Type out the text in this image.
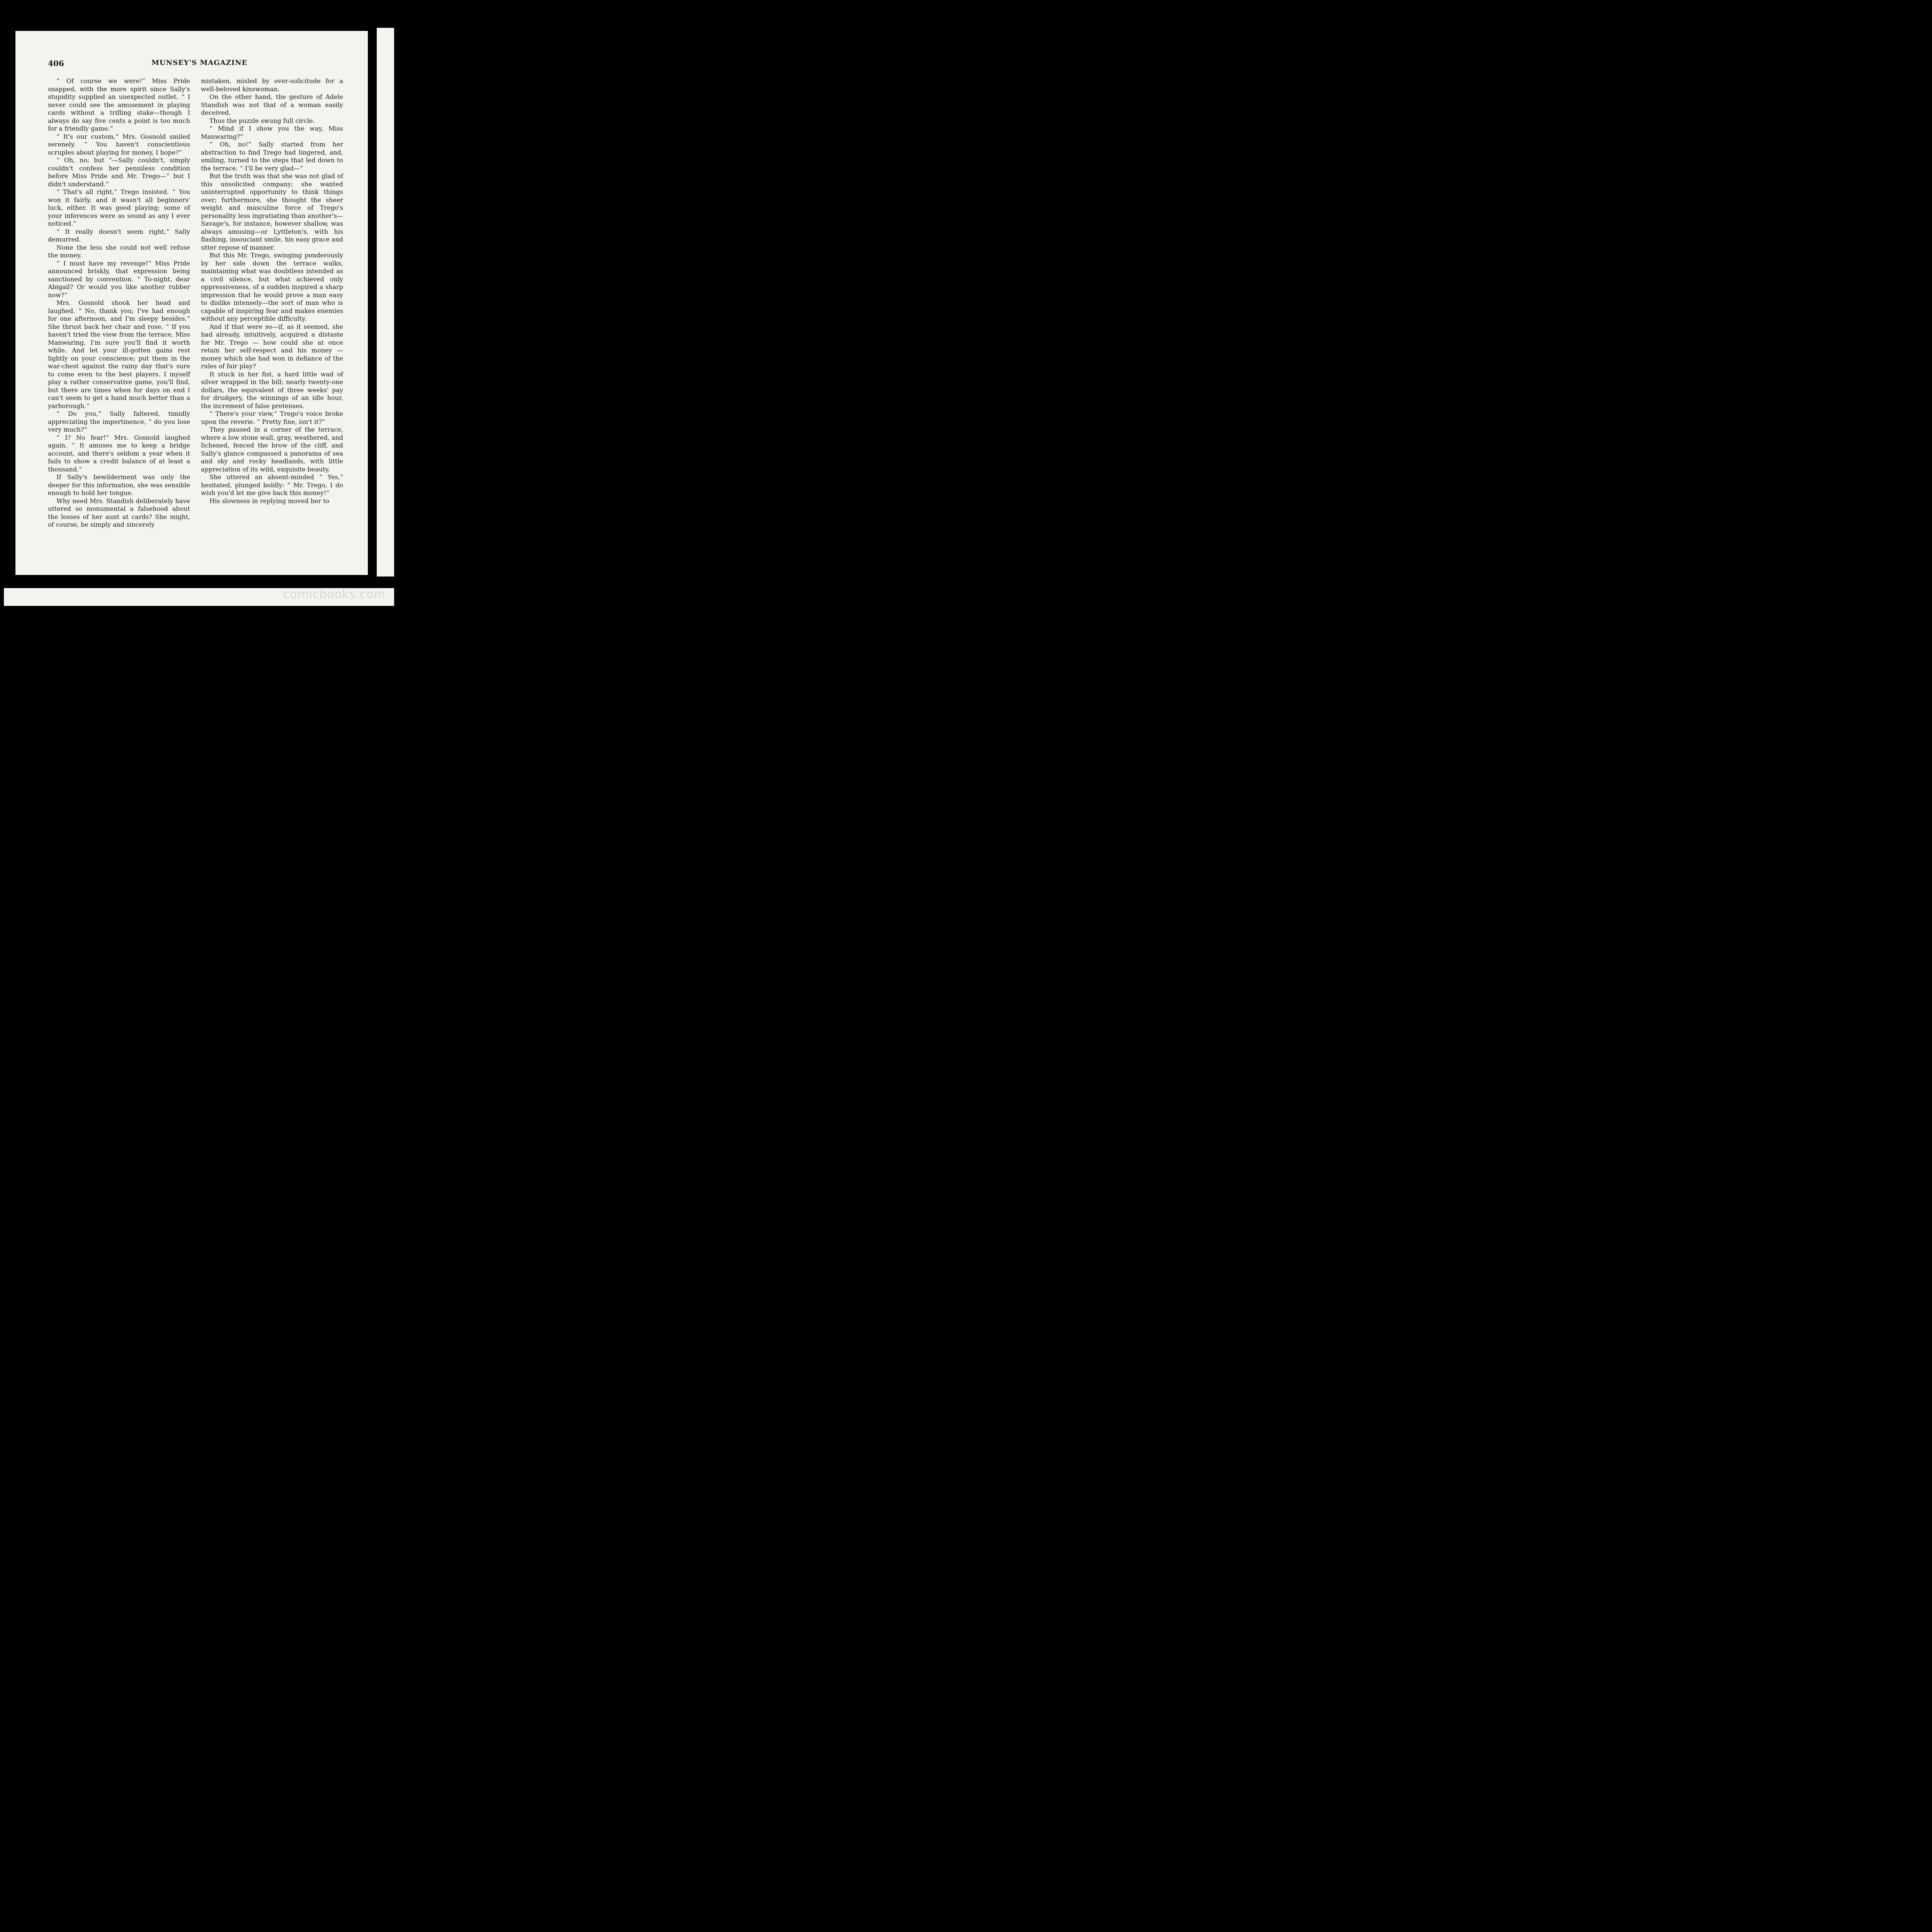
406	MUNSEY'S MAGAZINE

“ Of course we were!” Miss Pride snapped, with the more spirit since Sally's stupidity supplied an unexpected outlet. “ I never could see the amusement in playing cards without a trifling stake—though I always do say five cents a point is too much for a friendly game.”

“ It's our custom,” Mrs. Gosnold smiled serenely. “ You haven't conscientious scruples about playing for money, I hope?”

“ Oh, no; but ”—Sally couldn't, simply couldn't confess her penniless condition before Miss Pride and Mr. Trego—“ but I didn't understand.”

“ That's all right,” Trego insisted. “ You won it fairly, and it wasn't all beginners' luck, either. It was good playing; some of your inferences were as sound as any I ever noticed.”

“ It really doesn't seem right,” Sally demurred.

None the less she could not well refuse the money.

“ I must have my revenge!” Miss Pride announced briskly, that expression being sanctioned by convention. “ To-night, dear Abigail? Or would you like another rubber now?”

Mrs. Gosnold shook her head and laughed. “ No, thank you; I've had enough for one afternoon, and I'm sleepy besides.” She thrust back her chair and rose. “ If you haven't tried the view from the terrace, Miss Manwaring, I'm sure you'll find it worth while. And let your ill-gotten gains rest lightly on your conscience; put them in the war-chest against the rainy day that's sure to come even to the best players. I myself play a rather conservative game, you'll find, but there are times when for days on end I can't seem to get a hand much better than a yarborough.”

“ Do you,” Sally faltered, timidly appreciating the impertinence, “ do you lose very much?”

“ I? No fear!” Mrs. Gosnold laughed again. “ It amuses me to keep a bridge account, and there's seldom a year when it fails to show a credit balance of at least a thousand.”

If Sally's bewilderment was only the deeper for this information, she was sensible enough to hold her tongue.

Why need Mrs. Standish deliberately have uttered so monumental a falsehood about the losses of her aunt at cards? She might, of course, be simply and sincerely

mistaken, misled by over-solicitude for a well-beloved kinswoman.

On the other hand, the gesture of Adele Standish was not that of a woman easily deceived.

Thus the puzzle swung full circle.

“ Mind if I show you the way, Miss Manwaring?”

“ Oh, no!” Sally started from her abstraction to find Trego had lingered, and, smiling, turned to the steps that led down to the terrace. “ I'll be very glad—”

But the truth was that she was not glad of this unsolicited company; she wanted uninterrupted opportunity to think things over; furthermore, she thought the sheer weight and masculine force of Trego's personality less ingratiating than another's—Savage's, for instance, however shallow, was always amusing—or Lyttleton's, with his flashing, insouciant smile, his easy grace and utter repose of manner.

But this Mr. Trego, swinging ponderously by her side down the terrace walks, maintaining what was doubtless intended as a civil silence, but what achieved only oppressiveness, of a sudden inspired a sharp impression that he would prove a man easy to dislike intensely—the sort of man who is capable of inspiring fear and makes enemies without any perceptible difficulty.

And if that were so—if, as it seemed, she had already, intuitively, acquired a distaste for Mr. Trego — how could she at once retain her self-respect and his money —money which she had won in defiance of the rules of fair play?

It stuck in her fist, a hard little wad of silver wrapped in the bill; nearly twenty-one dollars, the equivalent of three weeks' pay for drudgery, the winnings of an idle hour, the increment of false pretenses.

“ There's your view,” Trego's voice broke upon the reverie. “ Pretty fine, isn't it?”

They paused in a corner of the terrace, where a low stone wall, gray, weathered, and lichened, fenced the brow of the cliff, and Sally's glance compassed a panorama of sea and sky and rocky headlands, with little appreciation of its wild, exquisite beauty.

She uttered an absent-minded “ Yes,” hesitated, plunged boldly: “ Mr. Trego, I do wish you'd let me give back this money!”

His slowness in replying moved her to

comicbooks.com
